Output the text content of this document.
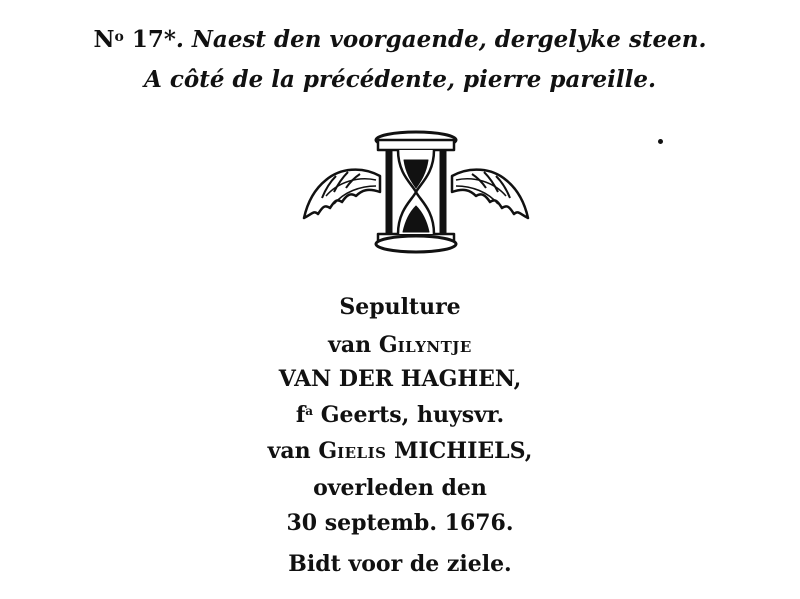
$N^o$ 17*. Naest den voorgaende, dergelyke steen.
A côté de la précédente, pierre pareille.
Sepulture
van GILYNTJE
VAN DER HAGHEN,
$f^a$ Geerts, huysvr.
van GIELIS MICHIELS,
overleden den
30 septemb. 1676.
Bidt voor de ziele.
